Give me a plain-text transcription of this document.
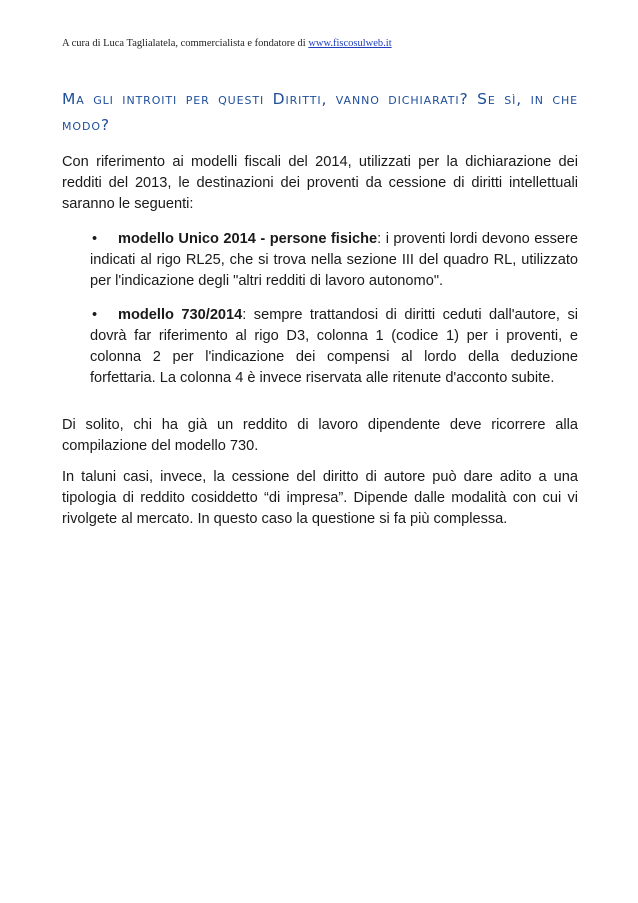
A cura di Luca Taglialatela, commercialista e fondatore di www.fiscosulweb.it
Ma gli introiti per questi Diritti, vanno dichiarati? Se sì, in che modo?

Con riferimento ai modelli fiscali del 2014, utilizzati per la dichiarazione dei redditi del 2013, le destinazioni dei proventi da cessione di diritti intellettuali saranno le seguenti:

•	modello Unico 2014 - persone fisiche: i proventi lordi devono essere indicati al rigo RL25, che si trova nella sezione III del quadro RL, utilizzato per l'indicazione degli "altri redditi di lavoro autonomo".
•	modello 730/2014: sempre trattandosi di diritti ceduti dall'autore, si dovrà far riferimento al rigo D3, colonna 1 (codice 1) per i proventi, e colonna 2 per l'indicazione dei compensi al lordo della deduzione forfettaria. La colonna 4 è invece riservata alle ritenute d'acconto subite.

Di solito, chi ha già un reddito di lavoro dipendente deve ricorrere alla compilazione del modello 730.

In taluni casi, invece, la cessione del diritto di autore può dare adito a una tipologia di reddito cosiddetto “di impresa”. Dipende dalle modalità con cui vi rivolgete al mercato. In questo caso la questione si fa più complessa.
